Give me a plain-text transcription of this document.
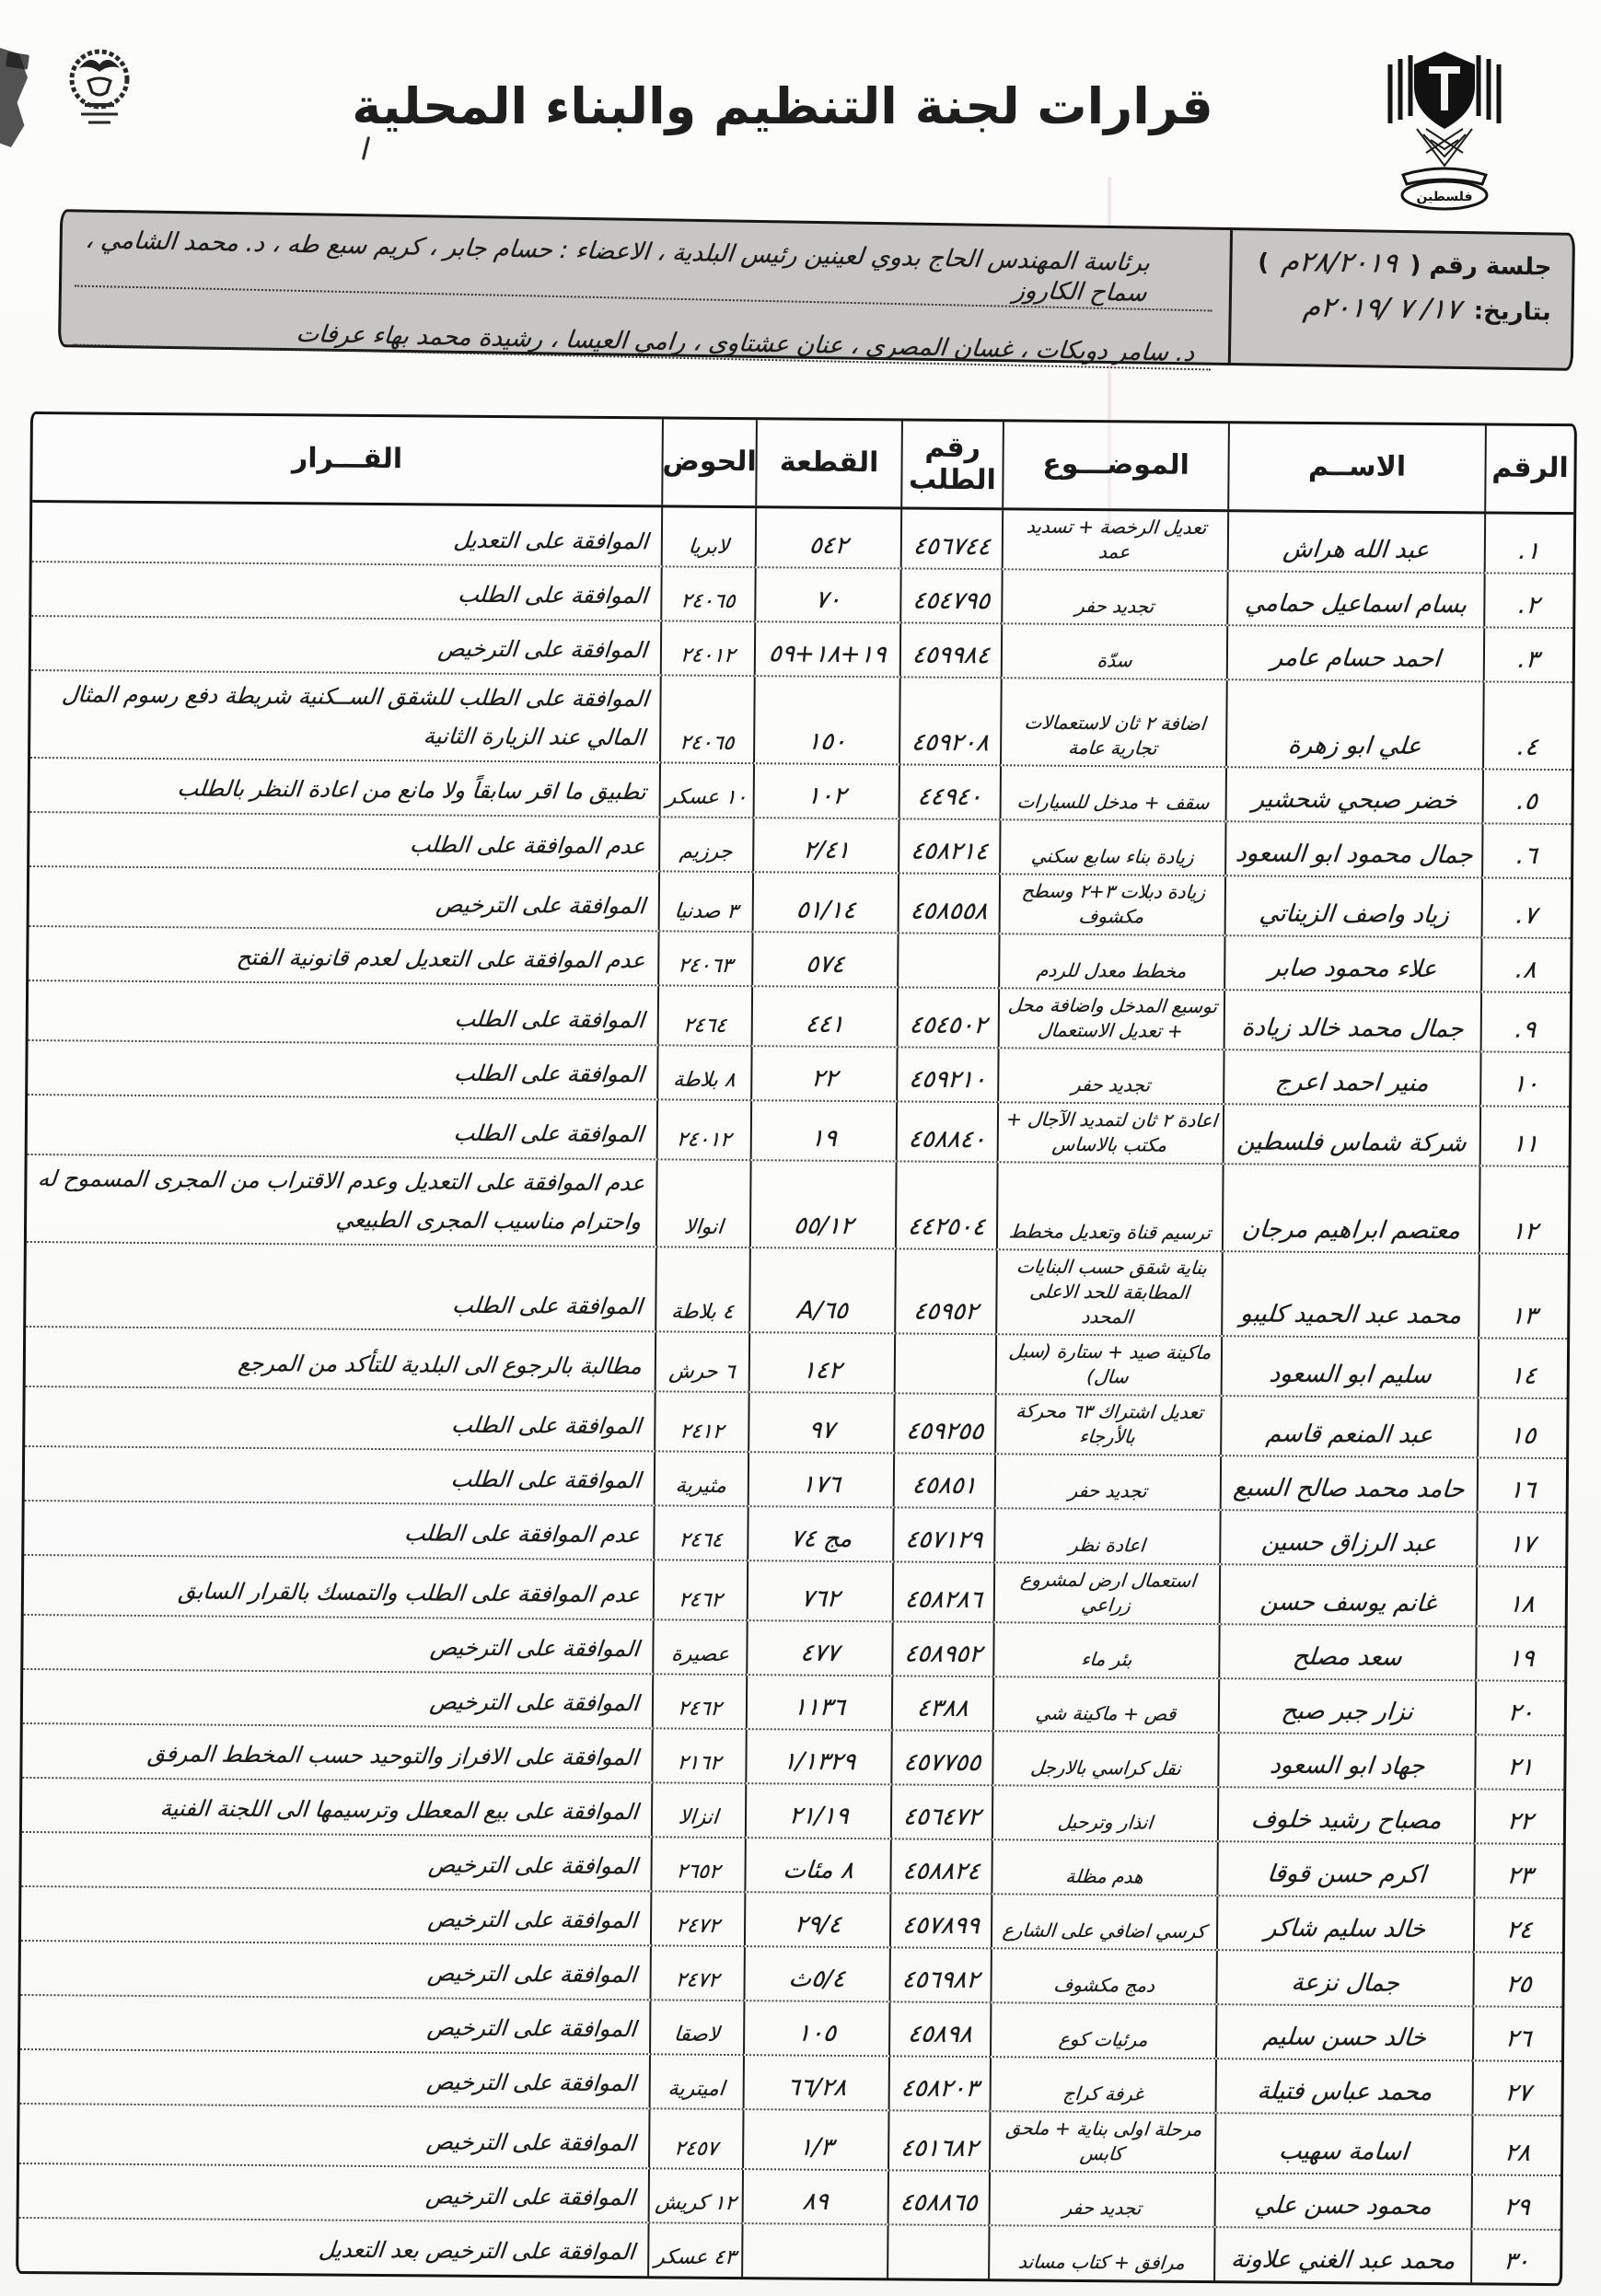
قرارات لجنة التنظيم والبناء المحلية
فلسطين
جلسة رقم (
٢٨/٢٠١٩م
)
بتاريخ:
١٧/ ٧ /٢٠١٩م
برئاسة المهندس الحاج بدوي لعينين رئيس البلدية ، الاعضاء : حسام جابر ، كريم سبع طه ، د. محمد الشامي ، سماح الكاروز
د. سامر دويكات ، غسان المصري ، عنان عشتاوي ، رامي العيسا ، رشيدة محمد بهاء عرفات
الرقم
الاســم
الموضـــوع
رقم الطلب
القطعة
الحوض
القـــرار
١.
عبد الله هراش
تعديل الرخصة + تسديد عمد
٤٥٦٧٤٤
٥٤٢
لابريا
الموافقة على التعديل
٢.
بسام اسماعيل حمامي
تجديد حفر
٤٥٤٧٩٥
٧٠
٢٤٠٦٥
الموافقة على الطلب
٣.
احمد حسام عامر
سدّة
٤٥٩٩٨٤
١٩+١٨+٥٩
٢٤٠١٢
الموافقة على الترخيص
٤.
علي ابو زهرة
اضافة ٢ ثان لاستعمالات تجارية عامة
٤٥٩٢٠٨
١٥٠
٢٤٠٦٥
الموافقة على الطلب للشقق الســكنية شريطة دفع رسوم المثال المالي عند الزيارة الثانية
٥.
خضر صبحي شحشير
سقف + مدخل للسيارات
٤٤٩٤٠
١٠٢
١٠ عسكر
تطبيق ما اقر سابقاً ولا مانع من اعادة النظر بالطلب
٦.
جمال محمود ابو السعود
زيادة بناء سابع سكني
٤٥٨٢١٤
٢/٤١
جرزيم
عدم الموافقة على الطلب
٧.
زياد واصف الزيناتي
زيادة دبلات ٣+٢ وسطح مكشوف
٤٥٨٥٥٨
٥١/١٤
٣ صدنيا
الموافقة على الترخيص
٨.
علاء محمود صابر
مخطط معدل للردم
٥٧٤
٢٤٠٦٣
عدم الموافقة على التعديل لعدم قانونية الفتح
٩.
جمال محمد خالد زيادة
توسيع المدخل واضافة محل + تعديل الاستعمال
٤٥٤٥٠٢
٤٤١
٢٤٦٤
الموافقة على الطلب
١٠
منير احمد اعرج
تجديد حفر
٤٥٩٢١٠
٢٢
٨ بلاطة
الموافقة على الطلب
١١
شركة شماس فلسطين
اعادة ٢ ثان لتمديد الآجال + مكتب بالاساس
٤٥٨٨٤٠
١٩
٢٤٠١٢
الموافقة على الطلب
١٢
معتصم ابراهيم مرجان
ترسيم قناة وتعديل مخطط
٤٤٢٥٠٤
٥٥/١٢
انوالا
عدم الموافقة على التعديل وعدم الاقتراب من المجرى المسموح له واحترام مناسيب المجرى الطبيعي
١٣
محمد عبد الحميد كليبو
بناية شقق حسب البنايات المطابقة للحد الاعلى المحدد
٤٥٩٥٢
٦٥/A
٤ بلاطة
الموافقة على الطلب
١٤
سليم ابو السعود
ماكينة صيد + ستارة (سبل سال)
١٤٢
٦ حرش
مطالبة بالرجوع الى البلدية للتأكد من المرجع
١٥
عبد المنعم قاسم
تعديل اشتراك ٦٣ محركة بالأرجاء
٤٥٩٢٥٥
٩٧
٢٤١٢
الموافقة على الطلب
١٦
حامد محمد صالح السبع
تجديد حفر
٤٥٨٥١
١٧٦
مثيرية
الموافقة على الطلب
١٧
عبد الرزاق حسين
اعادة نظر
٤٥٧١٢٩
مج ٧٤
٢٤٦٤
عدم الموافقة على الطلب
١٨
غانم يوسف حسن
استعمال ارض لمشروع زراعي
٤٥٨٢٨٦
٧٦٢
٢٤٦٢
عدم الموافقة على الطلب والتمسك بالقرار السابق
١٩
سعد مصلح
بئر ماء
٤٥٨٩٥٢
٤٧٧
عصيرة
الموافقة على الترخيص
٢٠
نزار جبر صبح
قص + ماكينة شي
٤٣٨٨
١١٣٦
٢٤٦٢
الموافقة على الترخيص
٢١
جهاد ابو السعود
نقل كراسي بالارجل
٤٥٧٧٥٥
١/١٣٢٩
٢١٦٢
الموافقة على الافراز والتوحيد حسب المخطط المرفق
٢٢
مصباح رشيد خلوف
انذار وترحيل
٤٥٦٤٧٢
٢١/١٩
انزالا
الموافقة على بيع المعطل وترسيمها الى اللجنة الفنية
٢٣
اكرم حسن قوقا
هدم مظلة
٤٥٨٨٢٤
٨ مئات
٢٦٥٢
الموافقة على الترخيص
٢٤
خالد سليم شاكر
كرسي اضافي على الشارع
٤٥٧٨٩٩
٢٩/٤
٢٤٧٢
الموافقة على الترخيص
٢٥
جمال نزعة
دمج مكشوف
٤٥٦٩٨٢
٥/٤ث
٢٤٧٢
الموافقة على الترخيص
٢٦
خالد حسن سليم
مرئيات كوع
٤٥٨٩٨
١٠٥
لاصقا
الموافقة على الترخيص
٢٧
محمد عباس فتيلة
غرفة كراج
٤٥٨٢٠٣
٦٦/٢٨
اميترية
الموافقة على الترخيص
٢٨
اسامة سهيب
مرحلة اولى بناية + ملحق كابس
٤٥١٦٨٢
١/٣
٢٤٥٧
الموافقة على الترخيص
٢٩
محمود حسن علي
تجديد حفر
٤٥٨٨٦٥
٨٩
١٢ كريش
الموافقة على الترخيص
٣٠
محمد عبد الغني علاونة
مرافق + كتاب مساند
٤٣ عسكر
الموافقة على الترخيص بعد التعديل
